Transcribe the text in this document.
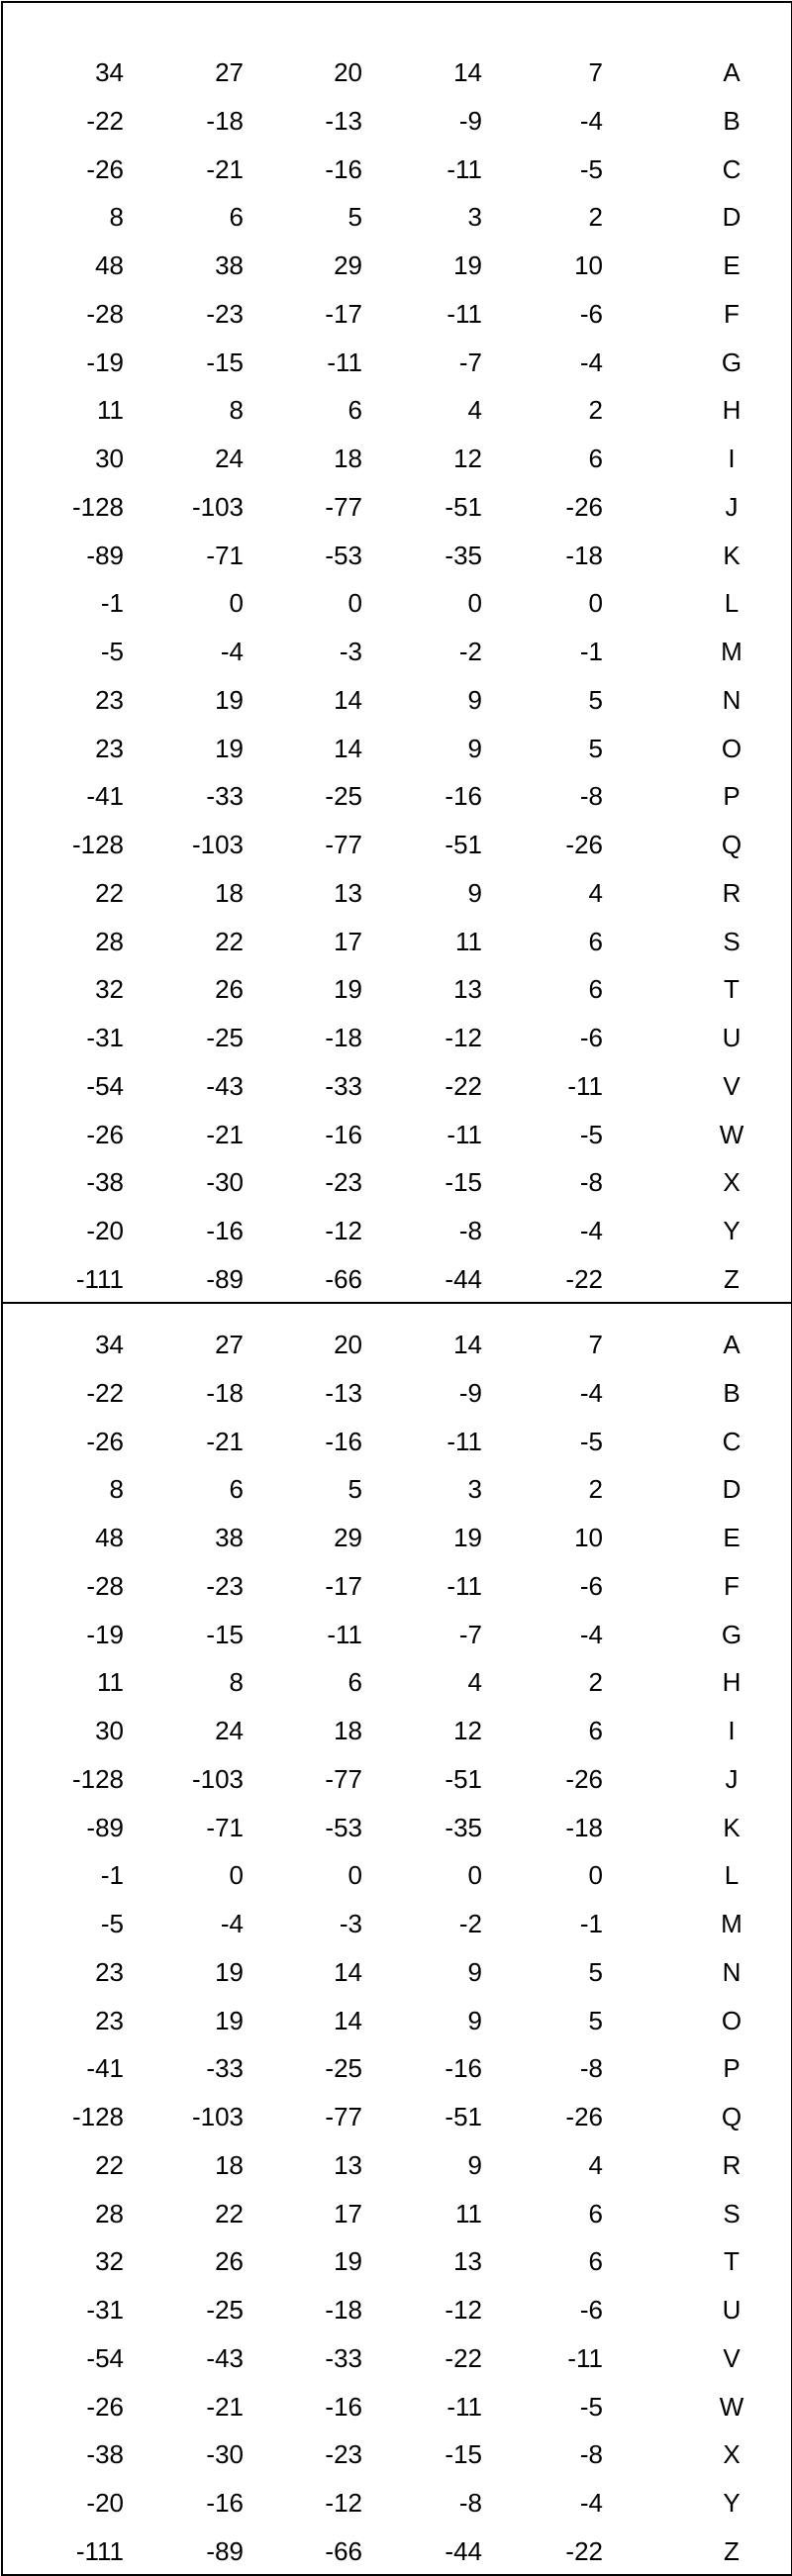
34	27	20	14	7	A
-22	-18	-13	-9	-4	B
-26	-21	-16	-11	-5	C
8	6	5	3	2	D
48	38	29	19	10	E
-28	-23	-17	-11	-6	F
-19	-15	-11	-7	-4	G
11	8	6	4	2	H
30	24	18	12	6	I
-128	-103	-77	-51	-26	J
-89	-71	-53	-35	-18	K
-1	0	0	0	0	L
-5	-4	-3	-2	-1	M
23	19	14	9	5	N
23	19	14	9	5	O
-41	-33	-25	-16	-8	P
-128	-103	-77	-51	-26	Q
22	18	13	9	4	R
28	22	17	11	6	S
32	26	19	13	6	T
-31	-25	-18	-12	-6	U
-54	-43	-33	-22	-11	V
-26	-21	-16	-11	-5	W
-38	-30	-23	-15	-8	X
-20	-16	-12	-8	-4	Y
-111	-89	-66	-44	-22	Z
34	27	20	14	7	A
-22	-18	-13	-9	-4	B
-26	-21	-16	-11	-5	C
8	6	5	3	2	D
48	38	29	19	10	E
-28	-23	-17	-11	-6	F
-19	-15	-11	-7	-4	G
11	8	6	4	2	H
30	24	18	12	6	I
-128	-103	-77	-51	-26	J
-89	-71	-53	-35	-18	K
-1	0	0	0	0	L
-5	-4	-3	-2	-1	M
23	19	14	9	5	N
23	19	14	9	5	O
-41	-33	-25	-16	-8	P
-128	-103	-77	-51	-26	Q
22	18	13	9	4	R
28	22	17	11	6	S
32	26	19	13	6	T
-31	-25	-18	-12	-6	U
-54	-43	-33	-22	-11	V
-26	-21	-16	-11	-5	W
-38	-30	-23	-15	-8	X
-20	-16	-12	-8	-4	Y
-111	-89	-66	-44	-22	Z
